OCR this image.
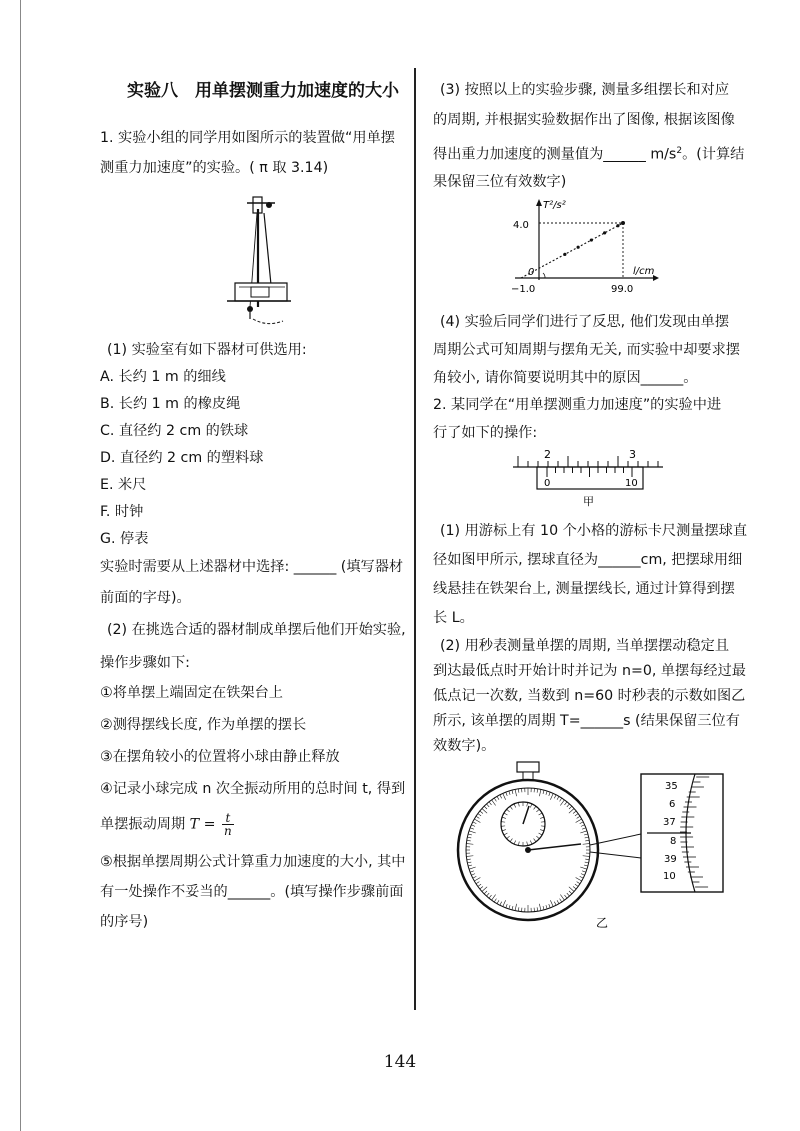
实验八　用单摆测重力加速度的大小
1. 实验小组的同学用如图所示的装置做“用单摆
测重力加速度”的实验。( π 取 3.14)
(1) 实验室有如下器材可供选用:
A. 长约 1 m 的细线
B. 长约 1 m 的橡皮绳
C. 直径约 2 cm 的铁球
D. 直径约 2 cm 的塑料球
E. 米尺
F. 时钟
G. 停表
实验时需要从上述器材中选择: ______ (填写器材
前面的字母)。
(2) 在挑选合适的器材制成单摆后他们开始实验,
操作步骤如下:
①将单摆上端固定在铁架台上
②测得摆线长度, 作为单摆的摆长
③在摆角较小的位置将小球由静止释放
④记录小球完成 n 次全振动所用的总时间 t, 得到
单摆振动周期 $T = \frac{t}{n}$
⑤根据单摆周期公式计算重力加速度的大小, 其中
有一处操作不妥当的______。(填写操作步骤前面
的序号)
(3) 按照以上的实验步骤, 测量多组摆长和对应
的周期, 并根据实验数据作出了图像, 根据该图像
得出重力加速度的测量值为______ $m/s^2$。(计算结
果保留三位有效数字)
T²/s²
l/cm
4.0
−1.0
0
99.0
(4) 实验后同学们进行了反思, 他们发现由单摆
周期公式可知周期与摆角无关, 而实验中却要求摆
角较小, 请你简要说明其中的原因______。
2. 某同学在“用单摆测重力加速度”的实验中进
行了如下的操作:
2	3
0	10
甲
(1) 用游标上有 10 个小格的游标卡尺测量摆球直
径如图甲所示, 摆球直径为______cm, 把摆球用细
线悬挂在铁架台上, 测量摆线长, 通过计算得到摆
长 L。
(2) 用秒表测量单摆的周期, 当单摆摆动稳定且
到达最低点时开始计时并记为 n=0, 单摆每经过最
低点记一次数, 当数到 n=60 时秒表的示数如图乙
所示, 该单摆的周期 T=______s (结果保留三位有
效数字)。
35
6
37
8
39
10
乙
144
